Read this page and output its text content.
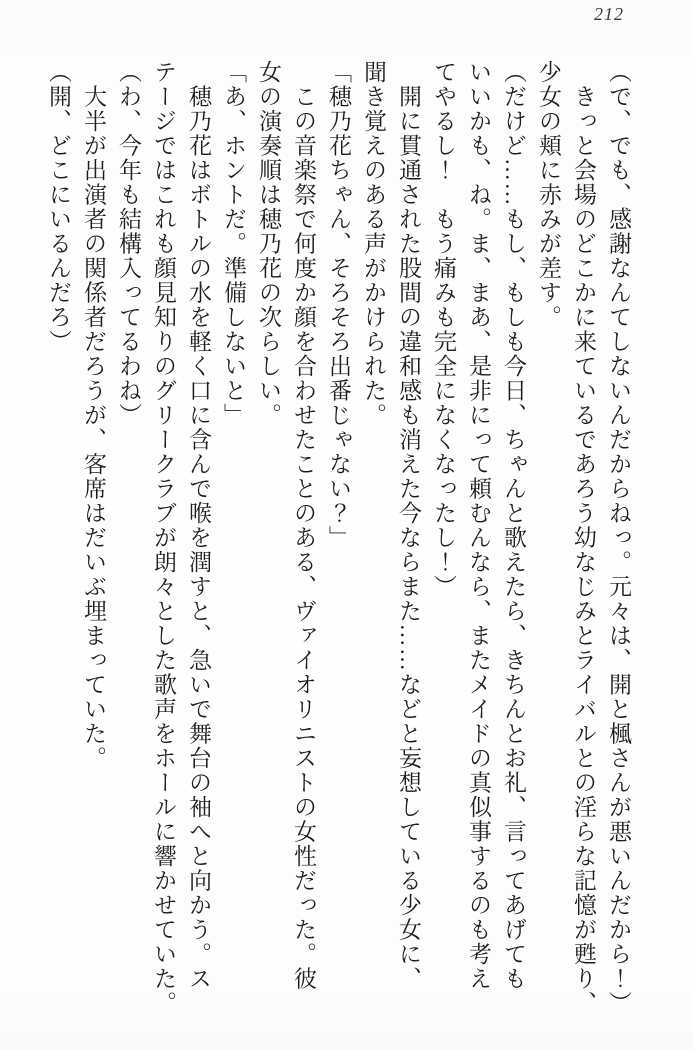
212
（で、でも、感謝なんてしないんだからねっ。元々は、開と楓さんが悪いんだから！）
　きっと会場のどこかに来ているであろう幼なじみとライバルとの淫らな記憶が甦り、
少女の頬に赤みが差す。
（だけど……もし、もしも今日、ちゃんと歌えたら、きちんとお礼、言ってあげても
いいかも、ね。ま、まあ、是非にって頼むんなら、またメイドの真似事するのも考え
てやるし！　もう痛みも完全になくなったし！）
　開に貫通された股間の違和感も消えた今ならまた……などと妄想している少女に、
聞き覚えのある声がかけられた。
「穂乃花ちゃん、そろそろ出番じゃない？」
　この音楽祭で何度か顔を合わせたことのある、ヴァイオリニストの女性だった。彼
女の演奏順は穂乃花の次らしい。
「あ、ホントだ。準備しないと」
　穂乃花はボトルの水を軽く口に含んで喉を潤すと、急いで舞台の袖へと向かう。ス
テージではこれも顔見知りのグリークラブが朗々とした歌声をホールに響かせていた。
（わ、今年も結構入ってるわね）
　大半が出演者の関係者だろうが、客席はだいぶ埋まっていた。
（開、どこにいるんだろ）
